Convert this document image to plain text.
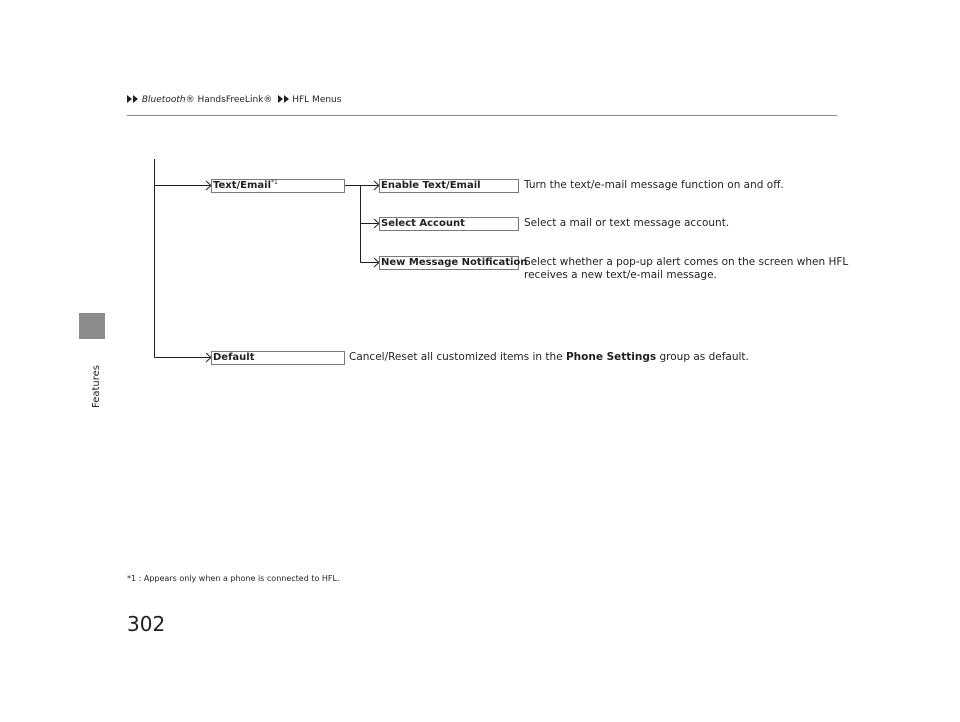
Bluetooth® HandsFreeLink® HFL Menus
Features
Text/Email$^{*1}$
Default
Enable Text/Email
Select Account
New Message Notification
Turn the text/e-mail message function on and off.
Select a mail or text message account.
Select whether a pop-up alert comes on the screen when HFL
receives a new text/e-mail message.
Cancel/Reset all customized items in the Phone Settings group as default.
*1 : Appears only when a phone is connected to HFL.
302
